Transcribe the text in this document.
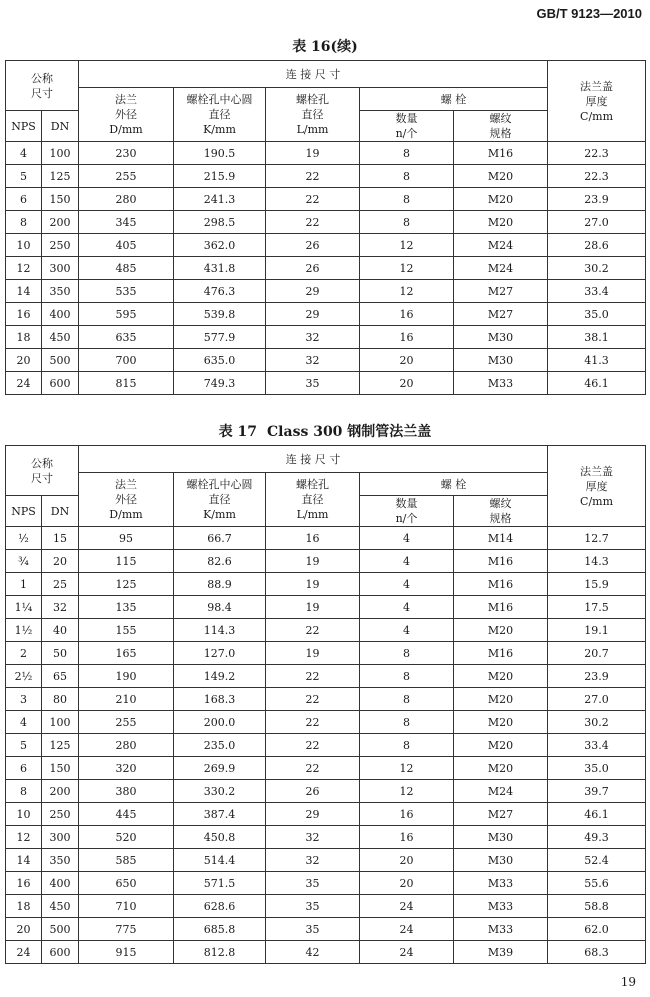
GB/T 9123—2010
表 16(续)
公称
尺寸		连 接 尺 寸					法兰盖
厚度
C/mm
		法兰
外径
D/mm	螺栓孔中心圆
直径
K/mm	螺栓孔
直径
L/mm	螺 栓		
					数量
n/个	螺纹
规格	
NPS	DN						
4	100	230	190.5	19	8	M16	22.3
5	125	255	215.9	22	8	M20	22.3
6	150	280	241.3	22	8	M20	23.9
8	200	345	298.5	22	8	M20	27.0
10	250	405	362.0	26	12	M24	28.6
12	300	485	431.8	26	12	M24	30.2
14	350	535	476.3	29	12	M27	33.4
16	400	595	539.8	29	16	M27	35.0
18	450	635	577.9	32	16	M30	38.1
20	500	700	635.0	32	20	M30	41.3
24	600	815	749.3	35	20	M33	46.1
表 17 Class 300 钢制管法兰盖
公称
尺寸		连 接 尺 寸					法兰盖
厚度
C/mm
		法兰
外径
D/mm	螺栓孔中心圆
直径
K/mm	螺栓孔
直径
L/mm	螺 栓		
					数量
n/个	螺纹
规格	
NPS	DN						
½	15	95	66.7	16	4	M14	12.7
¾	20	115	82.6	19	4	M16	14.3
1	25	125	88.9	19	4	M16	15.9
1¼	32	135	98.4	19	4	M16	17.5
1½	40	155	114.3	22	4	M20	19.1
2	50	165	127.0	19	8	M16	20.7
2½	65	190	149.2	22	8	M20	23.9
3	80	210	168.3	22	8	M20	27.0
4	100	255	200.0	22	8	M20	30.2
5	125	280	235.0	22	8	M20	33.4
6	150	320	269.9	22	12	M20	35.0
8	200	380	330.2	26	12	M24	39.7
10	250	445	387.4	29	16	M27	46.1
12	300	520	450.8	32	16	M30	49.3
14	350	585	514.4	32	20	M30	52.4
16	400	650	571.5	35	20	M33	55.6
18	450	710	628.6	35	24	M33	58.8
20	500	775	685.8	35	24	M33	62.0
24	600	915	812.8	42	24	M39	68.3
19
